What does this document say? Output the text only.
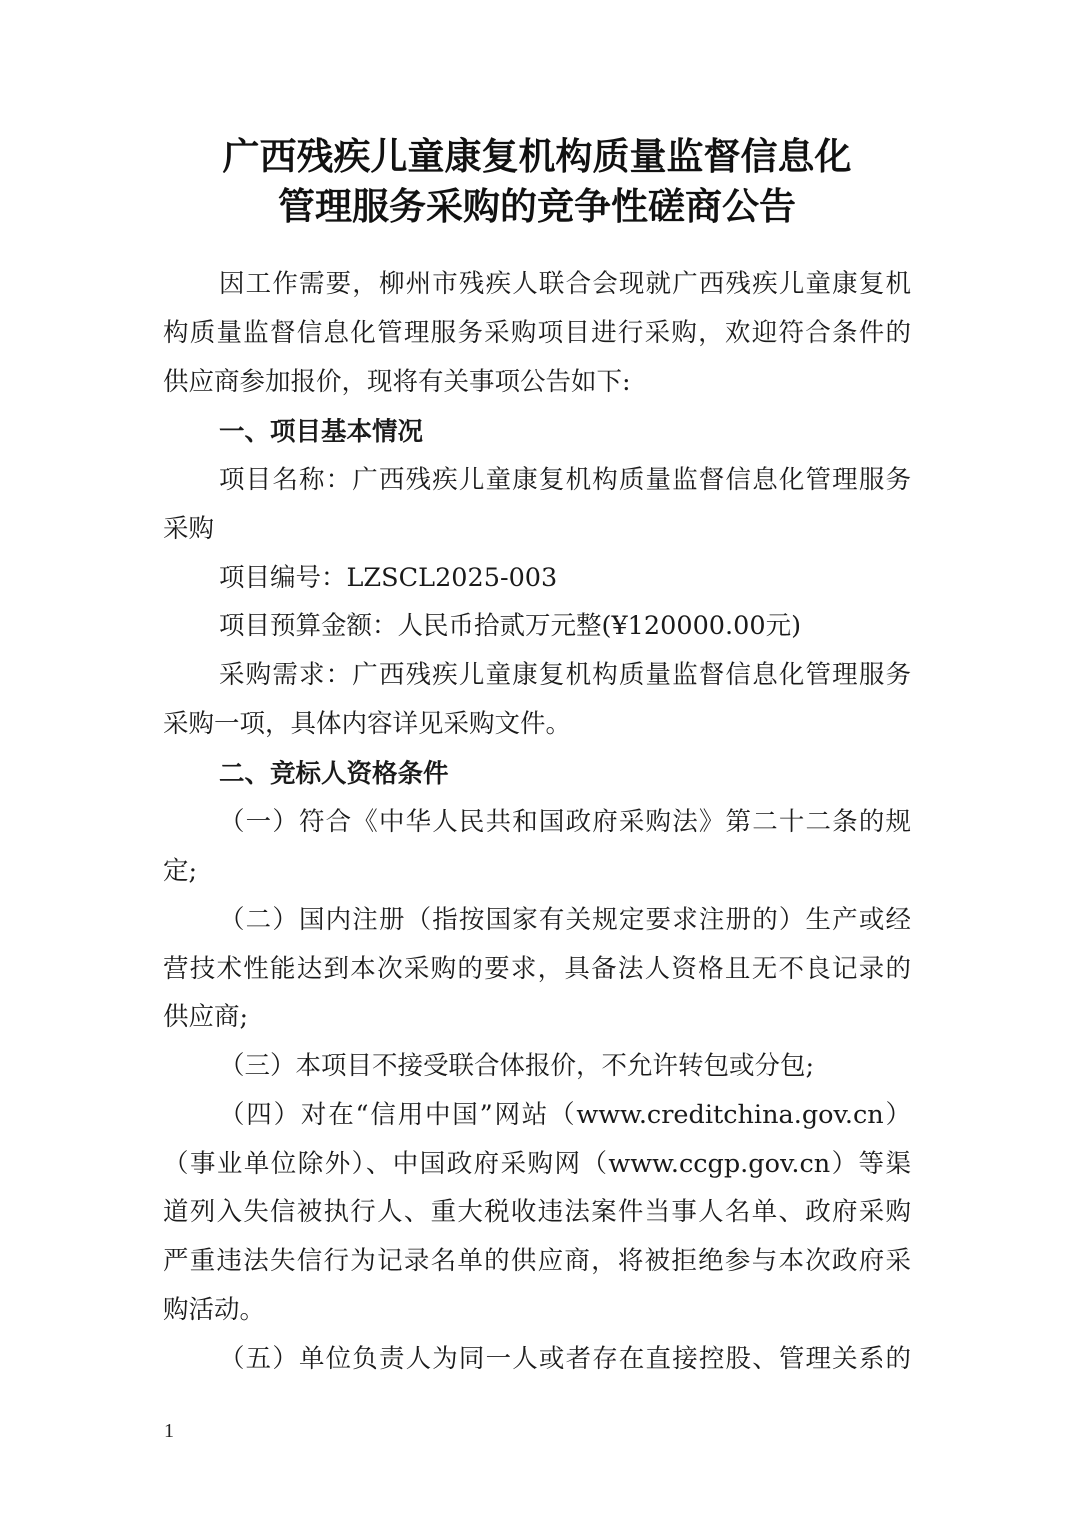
广西残疾儿童康复机构质量监督信息化
管理服务采购的竞争性磋商公告
因工作需要，柳州市残疾人联合会现就广西残疾儿童康复机
构质量监督信息化管理服务采购项目进行采购，欢迎符合条件的
供应商参加报价，现将有关事项公告如下:
一、项目基本情况
项目名称：广西残疾儿童康复机构质量监督信息化管理服务
采购
项目编号：LZSCL2025-003
项目预算金额：人民币拾贰万元整(¥120000.00元)
采购需求：广西残疾儿童康复机构质量监督信息化管理服务
采购一项，具体内容详见采购文件。
二、竞标人资格条件
（一）符合《中华人民共和国政府采购法》第二十二条的规
定;
（二）国内注册（指按国家有关规定要求注册的）生产或经
营技术性能达到本次采购的要求，具备法人资格且无不良记录的
供应商;
（三）本项目不接受联合体报价，不允许转包或分包;
（四）对在“信用中国”网站（www.creditchina.gov.cn）
（事业单位除外）、中国政府采购网（www.ccgp.gov.cn）等渠
道列入失信被执行人、重大税收违法案件当事人名单、政府采购
严重违法失信行为记录名单的供应商，将被拒绝参与本次政府采
购活动。
（五）单位负责人为同一人或者存在直接控股、管理关系的
1
